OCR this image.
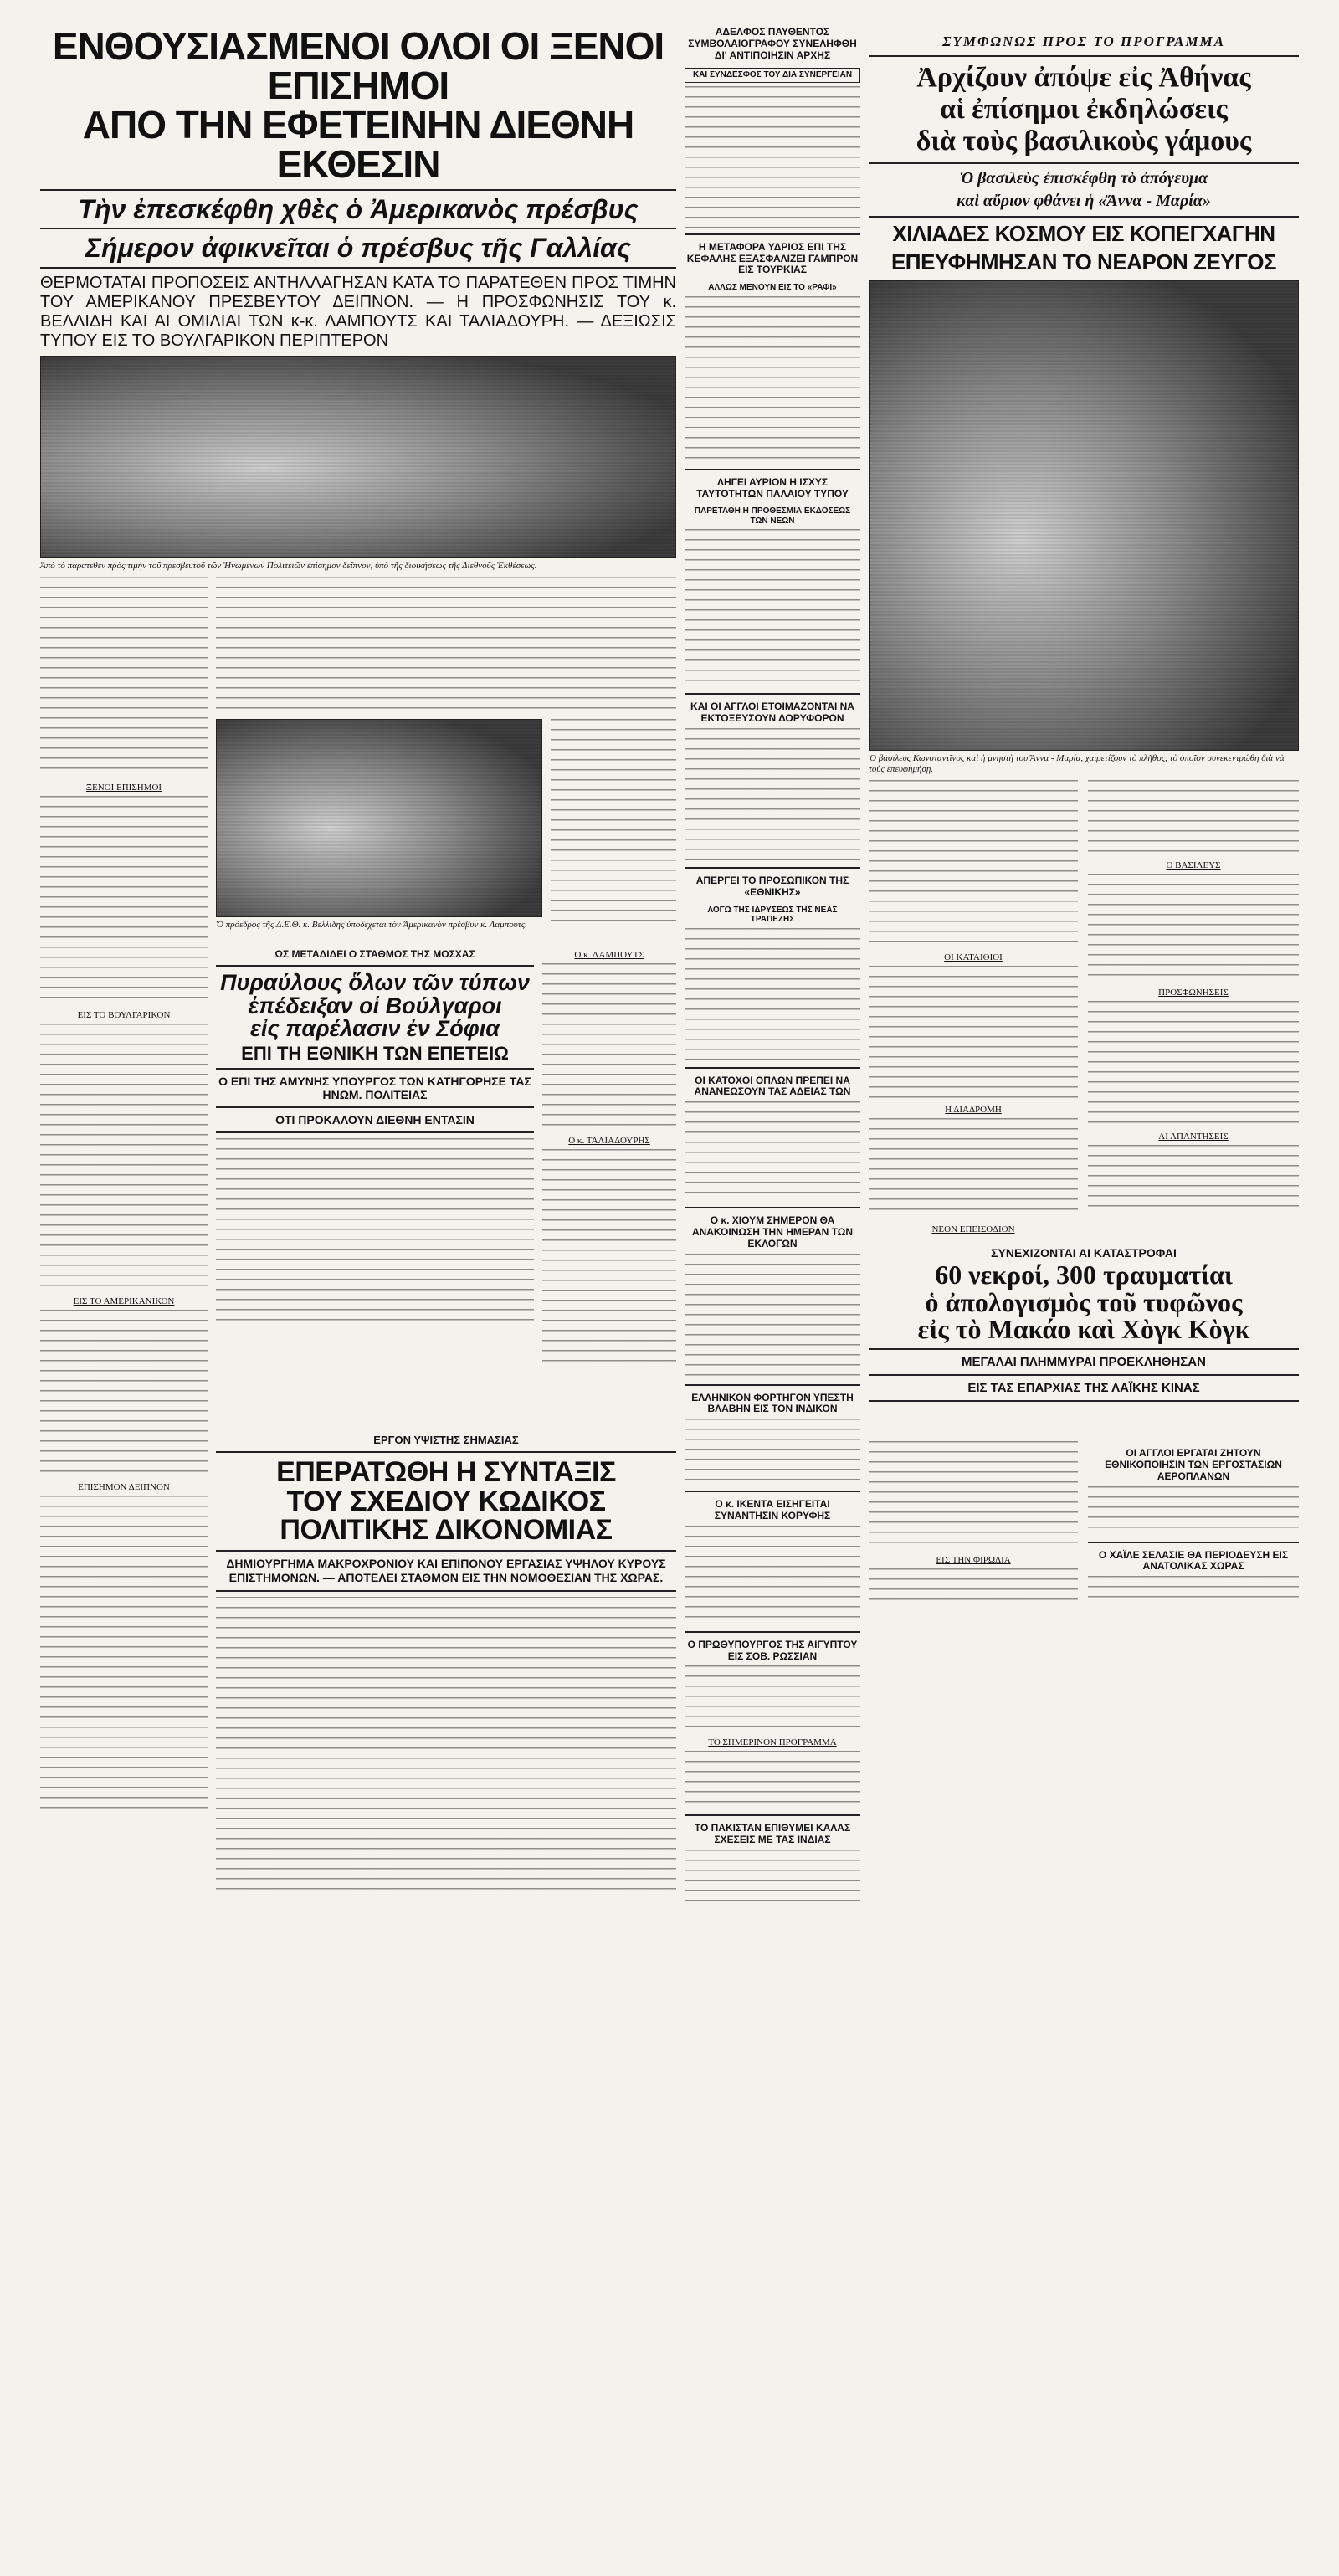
ΕΝΘΟΥΣΙΑΣΜΕΝΟΙ ΟΛΟΙ ΟΙ ΞΕΝΟΙ ΕΠΙΣΗΜΟΙ
ΑΠΟ ΤΗΝ ΕΦΕΤΕΙΝΗΝ ΔΙΕΘΝΗ ΕΚΘΕΣΙΝ
Τὴν ἐπεσκέφθη χθὲς ὁ Ἀμερικανὸς πρέσβυς
Σήμερον ἀφικνεῖται ὁ πρέσβυς τῆς Γαλλίας

ΘΕΡΜΟΤΑΤΑΙ ΠΡΟΠΟΣΕΙΣ ΑΝΤΗΛΛΑΓΗΣΑΝ ΚΑΤΑ ΤΟ ΠΑΡΑΤΕΘΕΝ ΠΡΟΣ ΤΙΜΗΝ ΤΟΥ ΑΜΕΡΙΚΑΝΟΥ ΠΡΕΣΒΕΥΤΟΥ ΔΕΙΠΝΟΝ. — Η ΠΡΟΣΦΩΝΗΣΙΣ ΤΟΥ κ. ΒΕΛΛΙΔΗ ΚΑΙ ΑΙ ΟΜΙΛΙΑΙ ΤΩΝ κ-κ. ΛΑΜΠΟΥΤΣ ΚΑΙ ΤΑΛΙΑΔΟΥΡΗ. — ΔΕΞΙΩΣΙΣ ΤΥΠΟΥ ΕΙΣ ΤΟ ΒΟΥΛΓΑΡΙΚΟΝ ΠΕΡΙΠΤΕΡΟΝ

Ἀπὸ τὸ παρατεθὲν πρὸς τιμὴν τοῦ πρεσβευτοῦ τῶν Ἡνωμένων Πολιτειῶν ἐπίσημον δεῖπνον, ὑπὸ τῆς διοικήσεως τῆς Διεθνοῦς Ἐκθέσεως.

ΞΕΝΟΙ ΕΠΙΣΗΜΟΙ

ΕΙΣ ΤΟ ΒΟΥΛΓΑΡΙΚΟΝ

ΕΙΣ ΤΟ ΑΜΕΡΙΚΑΝΙΚΟΝ

ΕΠΙΣΗΜΟΝ ΔΕΙΠΝΟΝ

Ὁ πρόεδρος τῆς Δ.Ε.Θ. κ. Βελλίδης ὑποδέχεται τὸν Ἀμερικανὸν πρέσβυν κ. Λαμπουτς.

ΩΣ ΜΕΤΑΔΙΔΕΙ Ο ΣΤΑΘΜΟΣ ΤΗΣ ΜΟΣΧΑΣ

Πυραύλους ὅλων τῶν τύπων

ἐπέδειξαν οἱ Βούλγαροι

εἰς παρέλασιν ἐν Σόφια

ΕΠΙ ΤΗ ΕΘΝΙΚΗ ΤΩΝ ΕΠΕΤΕΙΩ

Ο ΕΠΙ ΤΗΣ ΑΜΥΝΗΣ ΥΠΟΥΡΓΟΣ ΤΩΝ ΚΑΤΗΓΟΡΗΣΕ ΤΑΣ ΗΝΩΜ. ΠΟΛΙΤΕΙΑΣ

ΟΤΙ ΠΡΟΚΑΛΟΥΝ ΔΙΕΘΝΗ ΕΝΤΑΣΙΝ

Ο κ. ΛΑΜΠΟΥΤΣ

Ο κ. ΤΑΛΙΑΔΟΥΡΗΣ

ΕΡΓΟΝ ΥΨΙΣΤΗΣ ΣΗΜΑΣΙΑΣ

ΕΠΕΡΑΤΩΘΗ Η ΣΥΝΤΑΞΙΣ

ΤΟΥ ΣΧΕΔΙΟΥ ΚΩΔΙΚΟΣ

ΠΟΛΙΤΙΚΗΣ ΔΙΚΟΝΟΜΙΑΣ

ΔΗΜΙΟΥΡΓΗΜΑ ΜΑΚΡΟΧΡΟΝΙΟΥ ΚΑΙ ΕΠΙΠΟΝΟΥ ΕΡΓΑΣΙΑΣ ΥΨΗΛΟΥ ΚΥΡΟΥΣ ΕΠΙΣΤΗΜΟΝΩΝ. — ΑΠΟΤΕΛΕΙ ΣΤΑΘΜΟΝ ΕΙΣ ΤΗΝ ΝΟΜΟΘΕΣΙΑΝ ΤΗΣ ΧΩΡΑΣ.

ΑΔΕΛΦΟΣ ΠΑΥΘΕΝΤΟΣ ΣΥΜΒΟΛΑΙΟΓΡΑΦΟΥ ΣΥΝΕΛΗΦΘΗ ΔΙ' ΑΝΤΙΠΟΙΗΣΙΝ ΑΡΧΗΣ

ΚΑΙ ΣΥΝΔΕΣΦΟΣ ΤΟΥ ΔΙΑ ΣΥΝΕΡΓΕΙΑΝ

Η ΜΕΤΑΦΟΡΑ ΥΔΡΙΟΣ ΕΠΙ ΤΗΣ ΚΕΦΑΛΗΣ ΕΞΑΣΦΑΛΙΖΕΙ ΓΑΜΠΡΟΝ ΕΙΣ ΤΟΥΡΚΙΑΣ

ΑΛΛΩΣ ΜΕΝΟΥΝ ΕΙΣ ΤΟ «ΡΑΦΙ»

ΛΗΓΕΙ ΑΥΡΙΟΝ Η ΙΣΧΥΣ ΤΑΥΤΟΤΗΤΩΝ ΠΑΛΑΙΟΥ ΤΥΠΟΥ

ΠΑΡΕΤΑΘΗ Η ΠΡΟΘΕΣΜΙΑ ΕΚΔΟΣΕΩΣ ΤΩΝ ΝΕΩΝ

ΚΑΙ ΟΙ ΑΓΓΛΟΙ ΕΤΟΙΜΑΖΟΝΤΑΙ ΝΑ ΕΚΤΟΞΕΥΣΟΥΝ ΔΟΡΥΦΟΡΟΝ

ΑΠΕΡΓΕΙ ΤΟ ΠΡΟΣΩΠΙΚΟΝ ΤΗΣ «ΕΘΝΙΚΗΣ»

ΛΟΓΩ ΤΗΣ ΙΔΡΥΣΕΩΣ ΤΗΣ ΝΕΑΣ ΤΡΑΠΕΖΗΣ

ΟΙ ΚΑΤΟΧΟΙ ΟΠΛΩΝ ΠΡΕΠΕΙ ΝΑ ΑΝΑΝΕΩΣΟΥΝ ΤΑΣ ΑΔΕΙΑΣ ΤΩΝ

Ο κ. ΧΙΟΥΜ ΣΗΜΕΡΟΝ ΘΑ ΑΝΑΚΟΙΝΩΣΗ ΤΗΝ ΗΜΕΡΑΝ ΤΩΝ ΕΚΛΟΓΩΝ

ΕΛΛΗΝΙΚΟΝ ΦΟΡΤΗΓΟΝ ΥΠΕΣΤΗ ΒΛΑΒΗΝ ΕΙΣ ΤΟΝ ΙΝΔΙΚΟΝ

Ο κ. ΙΚΕΝΤΑ ΕΙΣΗΓΕΙΤΑΙ ΣΥΝΑΝΤΗΣΙΝ ΚΟΡΥΦΗΣ

Ο ΠΡΩΘΥΠΟΥΡΓΟΣ ΤΗΣ ΑΙΓΥΠΤΟΥ ΕΙΣ ΣΟΒ. ΡΩΣΣΙΑΝ

ΤΟ ΣΗΜΕΡΙΝΟΝ ΠΡΟΓΡΑΜΜΑ

ΤΟ ΠΑΚΙΣΤΑΝ ΕΠΙΘΥΜΕΙ ΚΑΛΑΣ ΣΧΕΣΕΙΣ ΜΕ ΤΑΣ ΙΝΔΙΑΣ

ΣΥΜΦΩΝΩΣ ΠΡΟΣ ΤΟ ΠΡΟΓΡΑΜΜΑ

Ἀρχίζουν ἀπόψε εἰς Ἀθήνας

αἱ ἐπίσημοι ἐκδηλώσεις

διὰ τοὺς βασιλικοὺς γάμους

Ὁ βασιλεὺς ἐπισκέφθη τὸ ἀπόγευμα

καὶ αὔριον φθάνει ἡ «Ἄννα - Μαρία»

ΧΙΛΙΑΔΕΣ ΚΟΣΜΟΥ ΕΙΣ ΚΟΠΕΓΧΑΓΗΝ

ΕΠΕΥΦΗΜΗΣΑΝ ΤΟ ΝΕΑΡΟΝ ΖΕΥΓΟΣ

Ὁ βασιλεὺς Κωνσταντῖνος καὶ ἡ μνηστὴ του Ἄννα - Μαρία, χαιρετίζουν τὸ πλῆθος, τὸ ὁποῖον συνεκεντρώθη διὰ νὰ τοὺς ἐπευφημήσῃ.

ΟΙ ΚΑΤΑΙΘΙΟΙ

Η ΔΙΑΔΡΟΜΗ

Ο ΒΑΣΙΛΕΥΣ

ΠΡΟΣΦΩΝΗΣΕΙΣ

ΑΙ ΑΠΑΝΤΗΣΕΙΣ

ΝΕΟΝ ΕΠΕΙΣΟΔΙΟΝ

ΣΥΝΕΧΙΖΟΝΤΑΙ ΑΙ ΚΑΤΑΣΤΡΟΦΑΙ

60 νεκροί, 300 τραυματίαι

ὁ ἀπολογισμὸς τοῦ τυφῶνος

εἰς τὸ Μακάο καὶ Χὸγκ Κὸγκ

ΜΕΓΑΛΑΙ ΠΛΗΜΜΥΡΑΙ ΠΡΟΕΚΛΗΘΗΣΑΝ

ΕΙΣ ΤΑΣ ΕΠΑΡΧΙΑΣ ΤΗΣ ΛΑΪΚΗΣ ΚΙΝΑΣ

ΕΙΣ ΤΗΝ ΦΙΡΩΔΙΑ

ΟΙ ΑΓΓΛΟΙ ΕΡΓΑΤΑΙ ΖΗΤΟΥΝ ΕΘΝΙΚΟΠΟΙΗΣΙΝ ΤΩΝ ΕΡΓΟΣΤΑΣΙΩΝ ΑΕΡΟΠΛΑΝΩΝ

Ο ΧΑΪΛΕ ΣΕΛΑΣΙΕ ΘΑ ΠΕΡΙΟΔΕΥΣΗ ΕΙΣ ΑΝΑΤΟΛΙΚΑΣ ΧΩΡΑΣ
